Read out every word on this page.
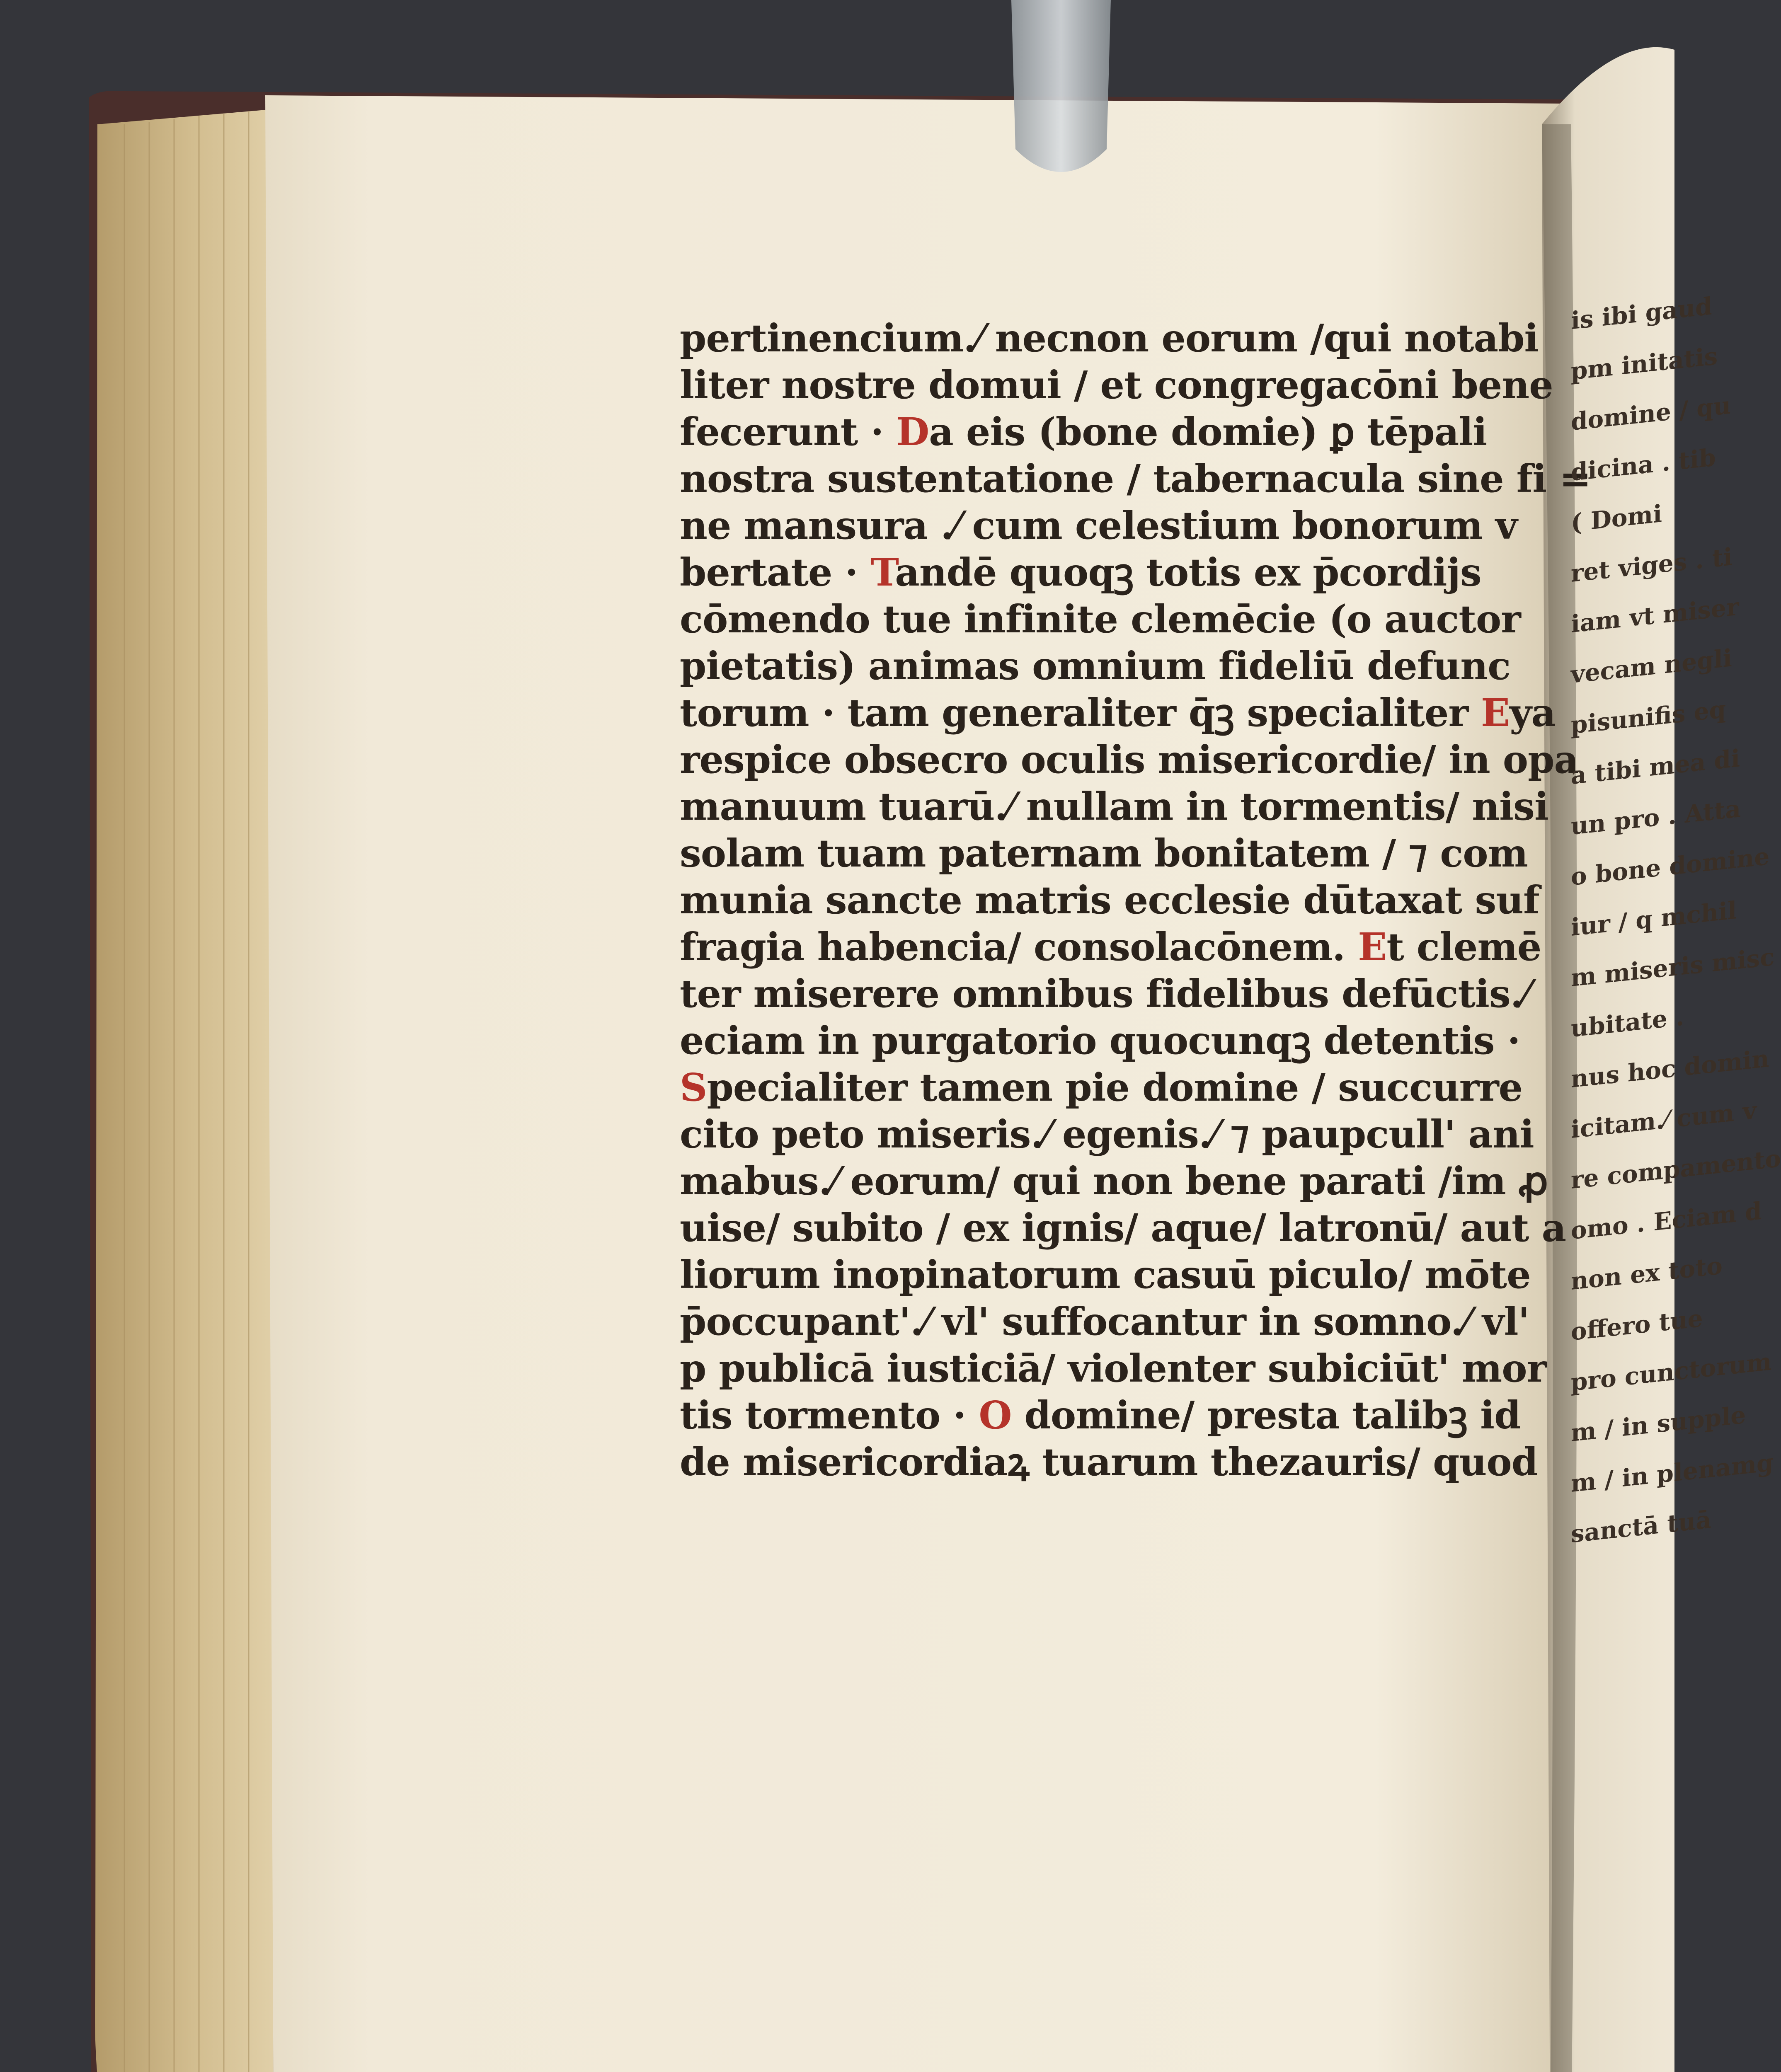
pertinencium.⁄ necnon eorum /qui notabi
liter nostre domui / et congregacōni bene
fecerunt · Da eis (bone domie) ꝑ tēpali
nostra sustentatione / tabernacula sine fi =
ne mansura .⁄ cum celestium bonorum v
bertate · Tandē quoqꝫ totis ex p̄cordijs
cōmendo tue infinite clemēcie (o auctor
pietatis) animas omnium fideliū defunc
torum · tam generaliter q̄ꝫ specialiter Eya
respice obsecro oculis misericordie/ in opa
manuum tuarū.⁄ nullam in tormentis/ nisi
solam tuam paternam bonitatem / ⁊ com
munia sancte matris ecclesie dūtaxat suf
fragia habencia/ consolacōnem. Et clemē
ter miserere omnibus fidelibus defūctis.⁄
eciam in purgatorio quocunqꝫ detentis ·
Specialiter tamen pie domine / succurre
cito peto miseris.⁄ egenis.⁄ ⁊ paupcull' ani
mabus.⁄ eorum/ qui non bene parati /im ꝓ
uise/ subito / ex ignis/ aque/ latronū/ aut a
liorum inopinatorum casuū piculo/ mōte
p̄occupant'.⁄ vl' suffocantur in somno.⁄ vl'
p publicā iusticiā/ violenter subiciūt' mor
tis tormento · O domine/ presta talibꝫ id
de misericordiaꝝ tuarum thezauris/ quod
is ibi gaud
pm initatis
domine / qu
dicina . tib
( Domi
ret viges . ti
iam vt miser
vecam negli
pisunifis eq
a tibi mea di
un pro . Atta
o bone domine
iur / q mchil
m miseris misc
ubitate .
nus hoc domin
icitam.⁄ cum v
re compamento
omo . Eciam d
non ex toto
offero tue
pro cunctorum
m / in supple
m / in plenamg
sanctā tuā
